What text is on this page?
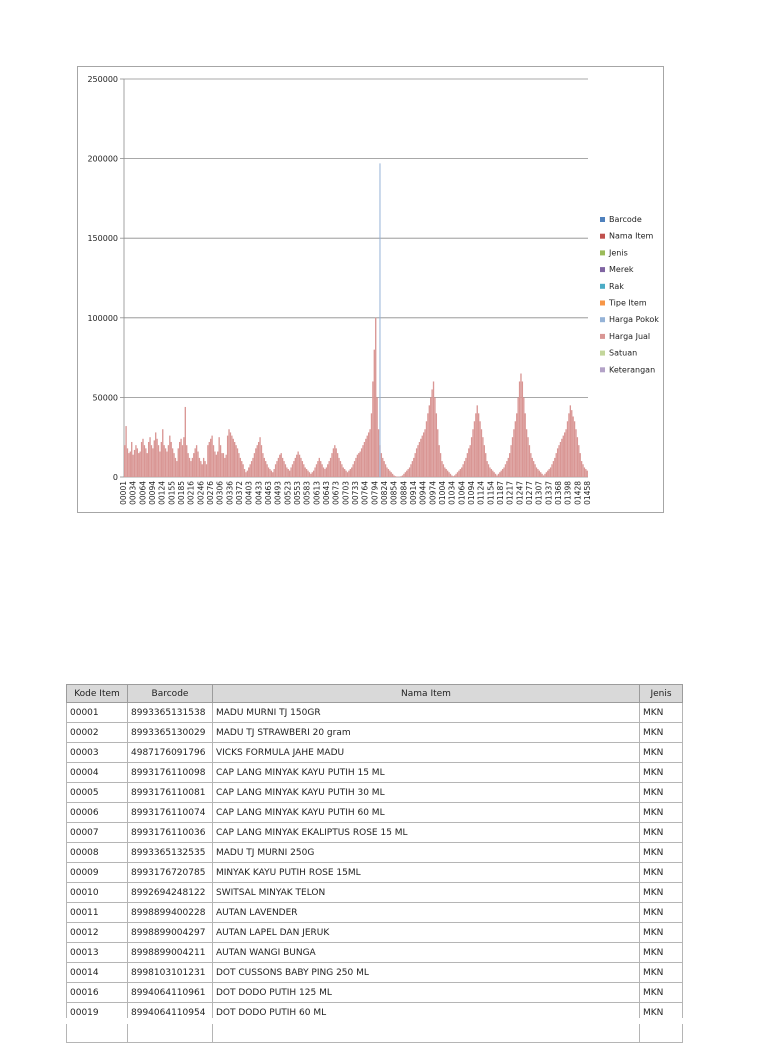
250000
200000
150000
100000
50000
0
00001 00034 00064 00094 00124 00155 00185 00216 00246 00276 00306 00336 00372 00403 00433 00463 00493 00523 00553 00583 00613 00643 00673 00703 00733 00764 00794 00824 00854 00884 00914 00944 00974 01004 01034 01064 01094 01124 01154 01187 01217 01247 01277 01307 01337 01368 01398 01428 01458
Barcode
Nama Item
Jenis
Merek
Rak
Tipe Item
Harga Pokok
Harga Jual
Satuan
Keterangan
Kode Item	Barcode	Nama Item	Jenis
00001	8993365131538	MADU MURNI TJ 150GR	MKN
00002	8993365130029	MADU TJ STRAWBERI 20 gram	MKN
00003	4987176091796	VICKS FORMULA JAHE MADU	MKN
00004	8993176110098	CAP LANG MINYAK KAYU PUTIH 15 ML	MKN
00005	8993176110081	CAP LANG MINYAK KAYU PUTIH 30 ML	MKN
00006	8993176110074	CAP LANG MINYAK KAYU PUTIH 60 ML	MKN
00007	8993176110036	CAP LANG MINYAK EKALIPTUS ROSE 15 ML	MKN
00008	8993365132535	MADU TJ MURNI 250G	MKN
00009	8993176720785	MINYAK KAYU PUTIH ROSE 15ML	MKN
00010	8992694248122	SWITSAL MINYAK TELON	MKN
00011	8998899400228	AUTAN LAVENDER	MKN
00012	8998899004297	AUTAN LAPEL DAN JERUK	MKN
00013	8998899004211	AUTAN WANGI BUNGA	MKN
00014	8998103101231	DOT CUSSONS BABY PING 250 ML	MKN
00016	8994064110961	DOT DODO PUTIH 125 ML	MKN
00019	8994064110954	DOT DODO PUTIH 60 ML	MKN
